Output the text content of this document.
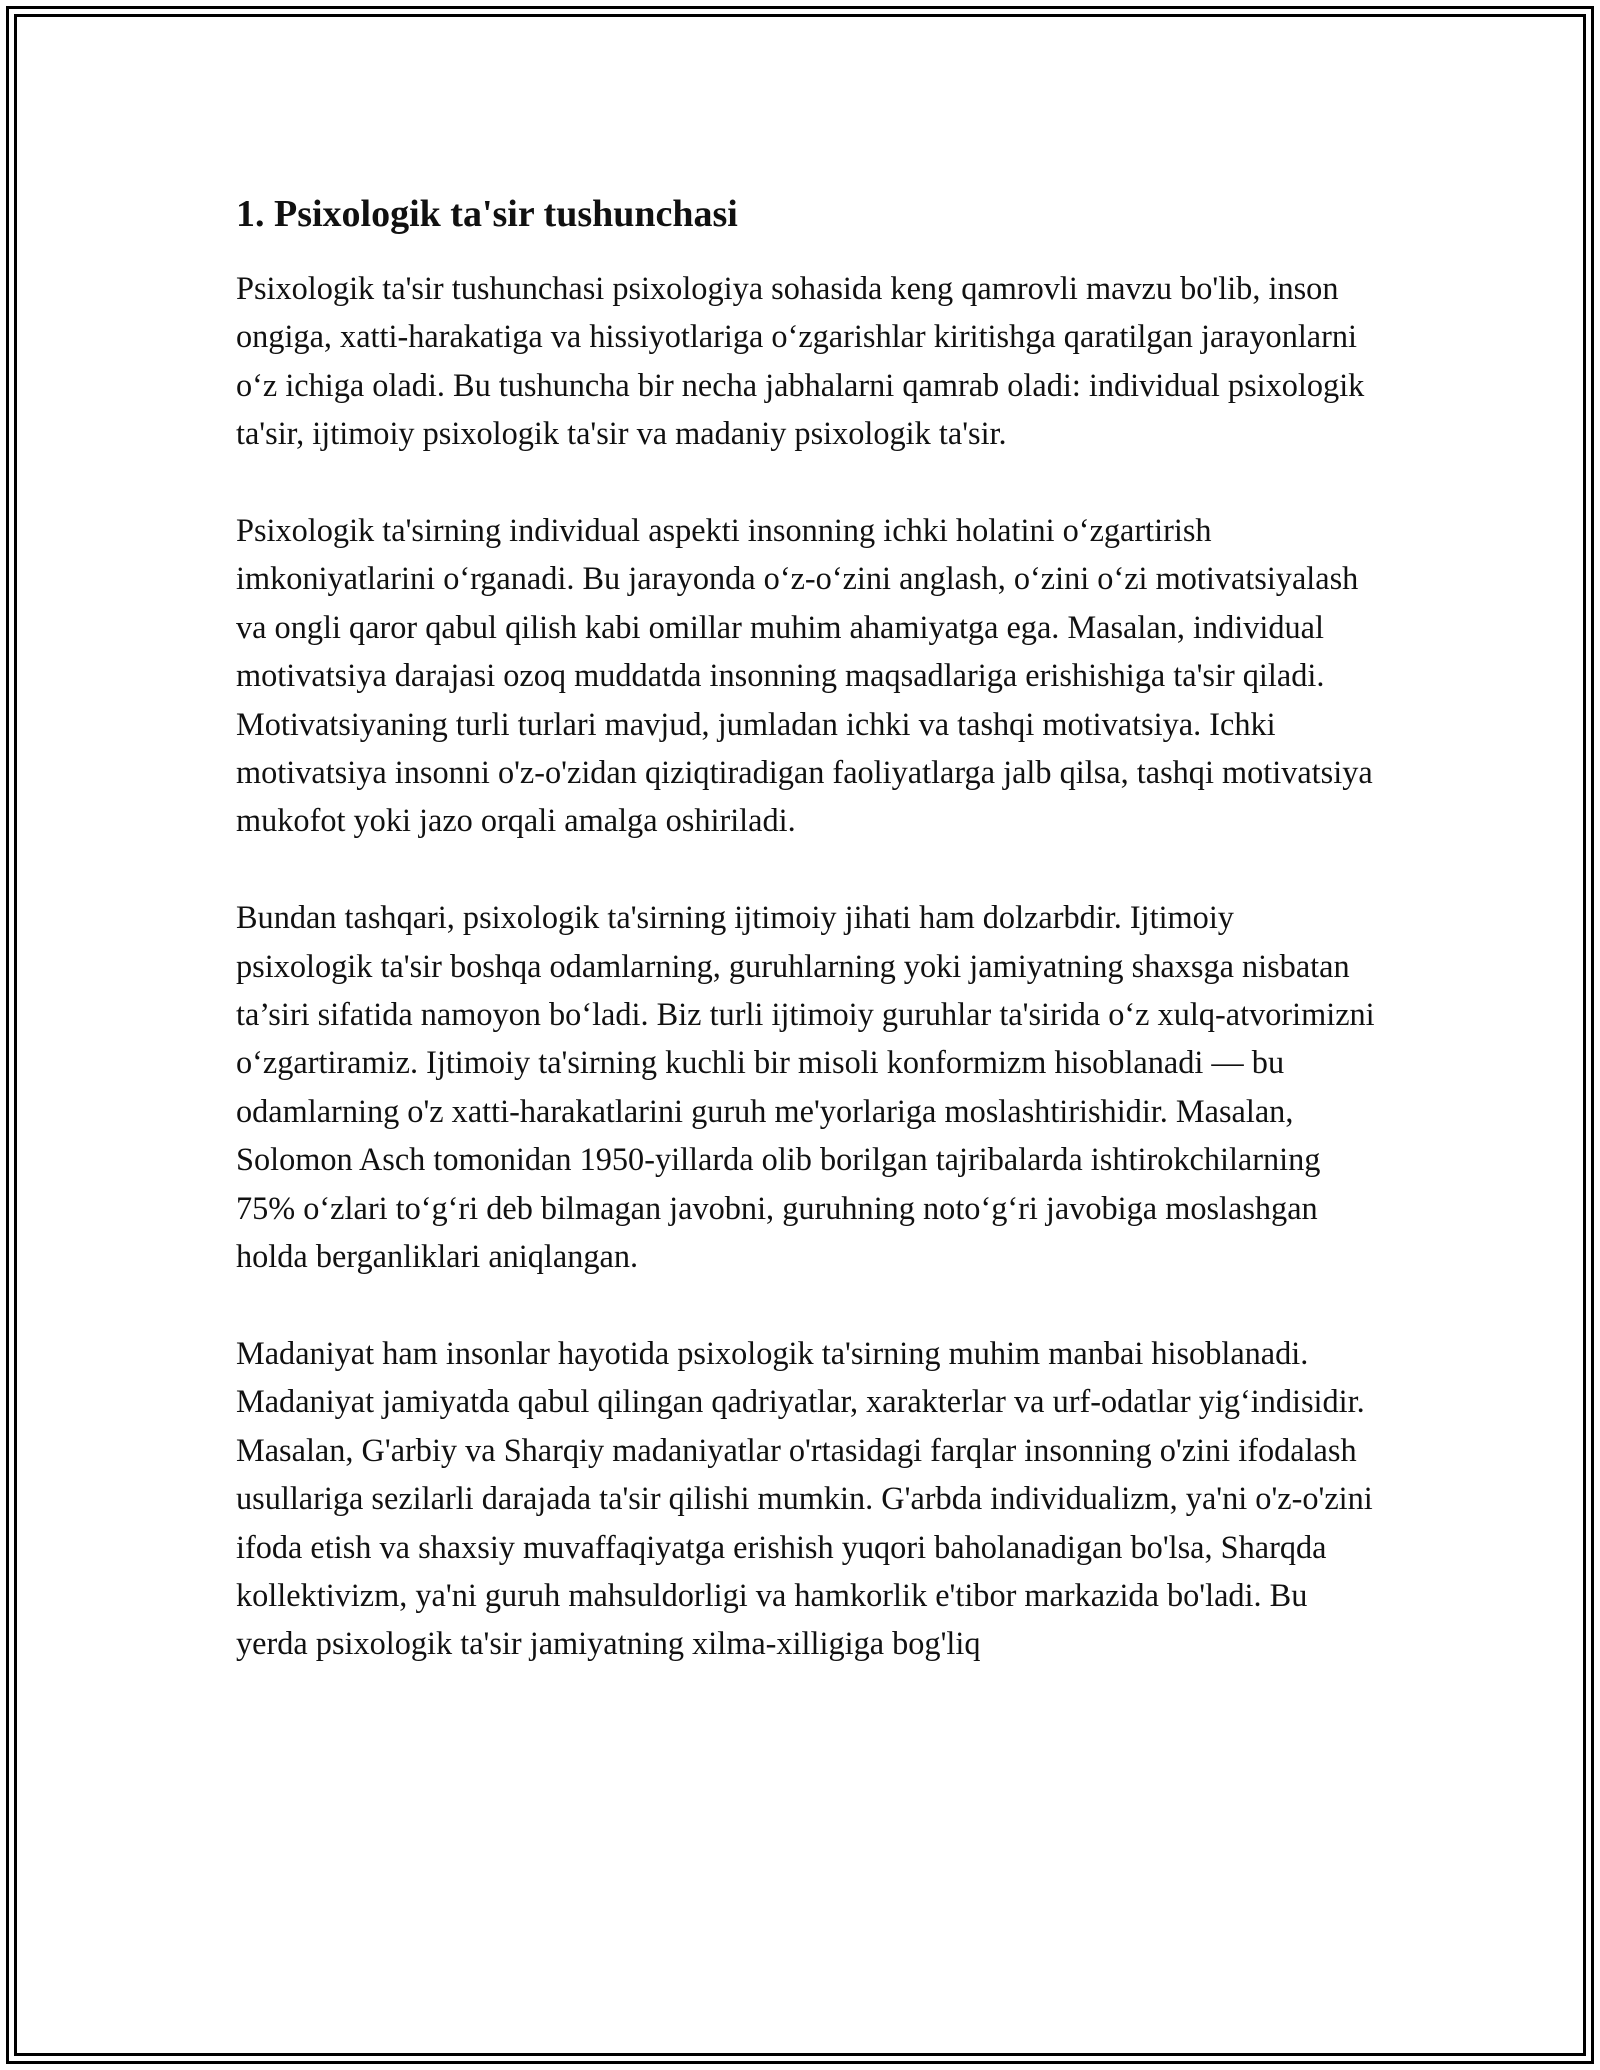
1. Psixologik ta'sir tushunchasi

Psixologik ta'sir tushunchasi psixologiya sohasida keng qamrovli mavzu bo'lib, inson ongiga, xatti-harakatiga va hissiyotlariga oʻzgarishlar kiritishga qaratilgan jarayonlarni oʻz ichiga oladi. Bu tushuncha bir necha jabhalarni qamrab oladi: individual psixologik ta'sir, ijtimoiy psixologik ta'sir va madaniy psixologik ta'sir.

Psixologik ta'sirning individual aspekti insonning ichki holatini oʻzgartirish imkoniyatlarini oʻrganadi. Bu jarayonda oʻz-oʻzini anglash, oʻzini oʻzi motivatsiyalash va ongli qaror qabul qilish kabi omillar muhim ahamiyatga ega. Masalan, individual motivatsiya darajasi ozoq muddatda insonning maqsadlariga erishishiga ta'sir qiladi. Motivatsiyaning turli turlari mavjud, jumladan ichki va tashqi motivatsiya. Ichki motivatsiya insonni o'z-o'zidan qiziqtiradigan faoliyatlarga jalb qilsa, tashqi motivatsiya mukofot yoki jazo orqali amalga oshiriladi.

Bundan tashqari, psixologik ta'sirning ijtimoiy jihati ham dolzarbdir. Ijtimoiy psixologik ta'sir boshqa odamlarning, guruhlarning yoki jamiyatning shaxsga nisbatan ta’siri sifatida namoyon boʻladi. Biz turli ijtimoiy guruhlar ta'sirida oʻz xulq-atvorimizni oʻzgartiramiz. Ijtimoiy ta'sirning kuchli bir misoli konformizm hisoblanadi — bu odamlarning o'z xatti-harakatlarini guruh me'yorlariga moslashtirishidir. Masalan, Solomon Asch tomonidan 1950-yillarda olib borilgan tajribalarda ishtirokchilarning 75% oʻzlari toʻgʻri deb bilmagan javobni, guruhning notoʻgʻri javobiga moslashgan holda berganliklari aniqlangan.

Madaniyat ham insonlar hayotida psixologik ta'sirning muhim manbai hisoblanadi. Madaniyat jamiyatda qabul qilingan qadriyatlar, xarakterlar va urf-odatlar yigʻindisidir. Masalan, G'arbiy va Sharqiy madaniyatlar o'rtasidagi farqlar insonning o'zini ifodalash usullariga sezilarli darajada ta'sir qilishi mumkin. G'arbda individualizm, ya'ni o'z-o'zini ifoda etish va shaxsiy muvaffaqiyatga erishish yuqori baholanadigan bo'lsa, Sharqda kollektivizm, ya'ni guruh mahsuldorligi va hamkorlik e'tibor markazida bo'ladi. Bu yerda psixologik ta'sir jamiyatning xilma-xilligiga bog'liq
